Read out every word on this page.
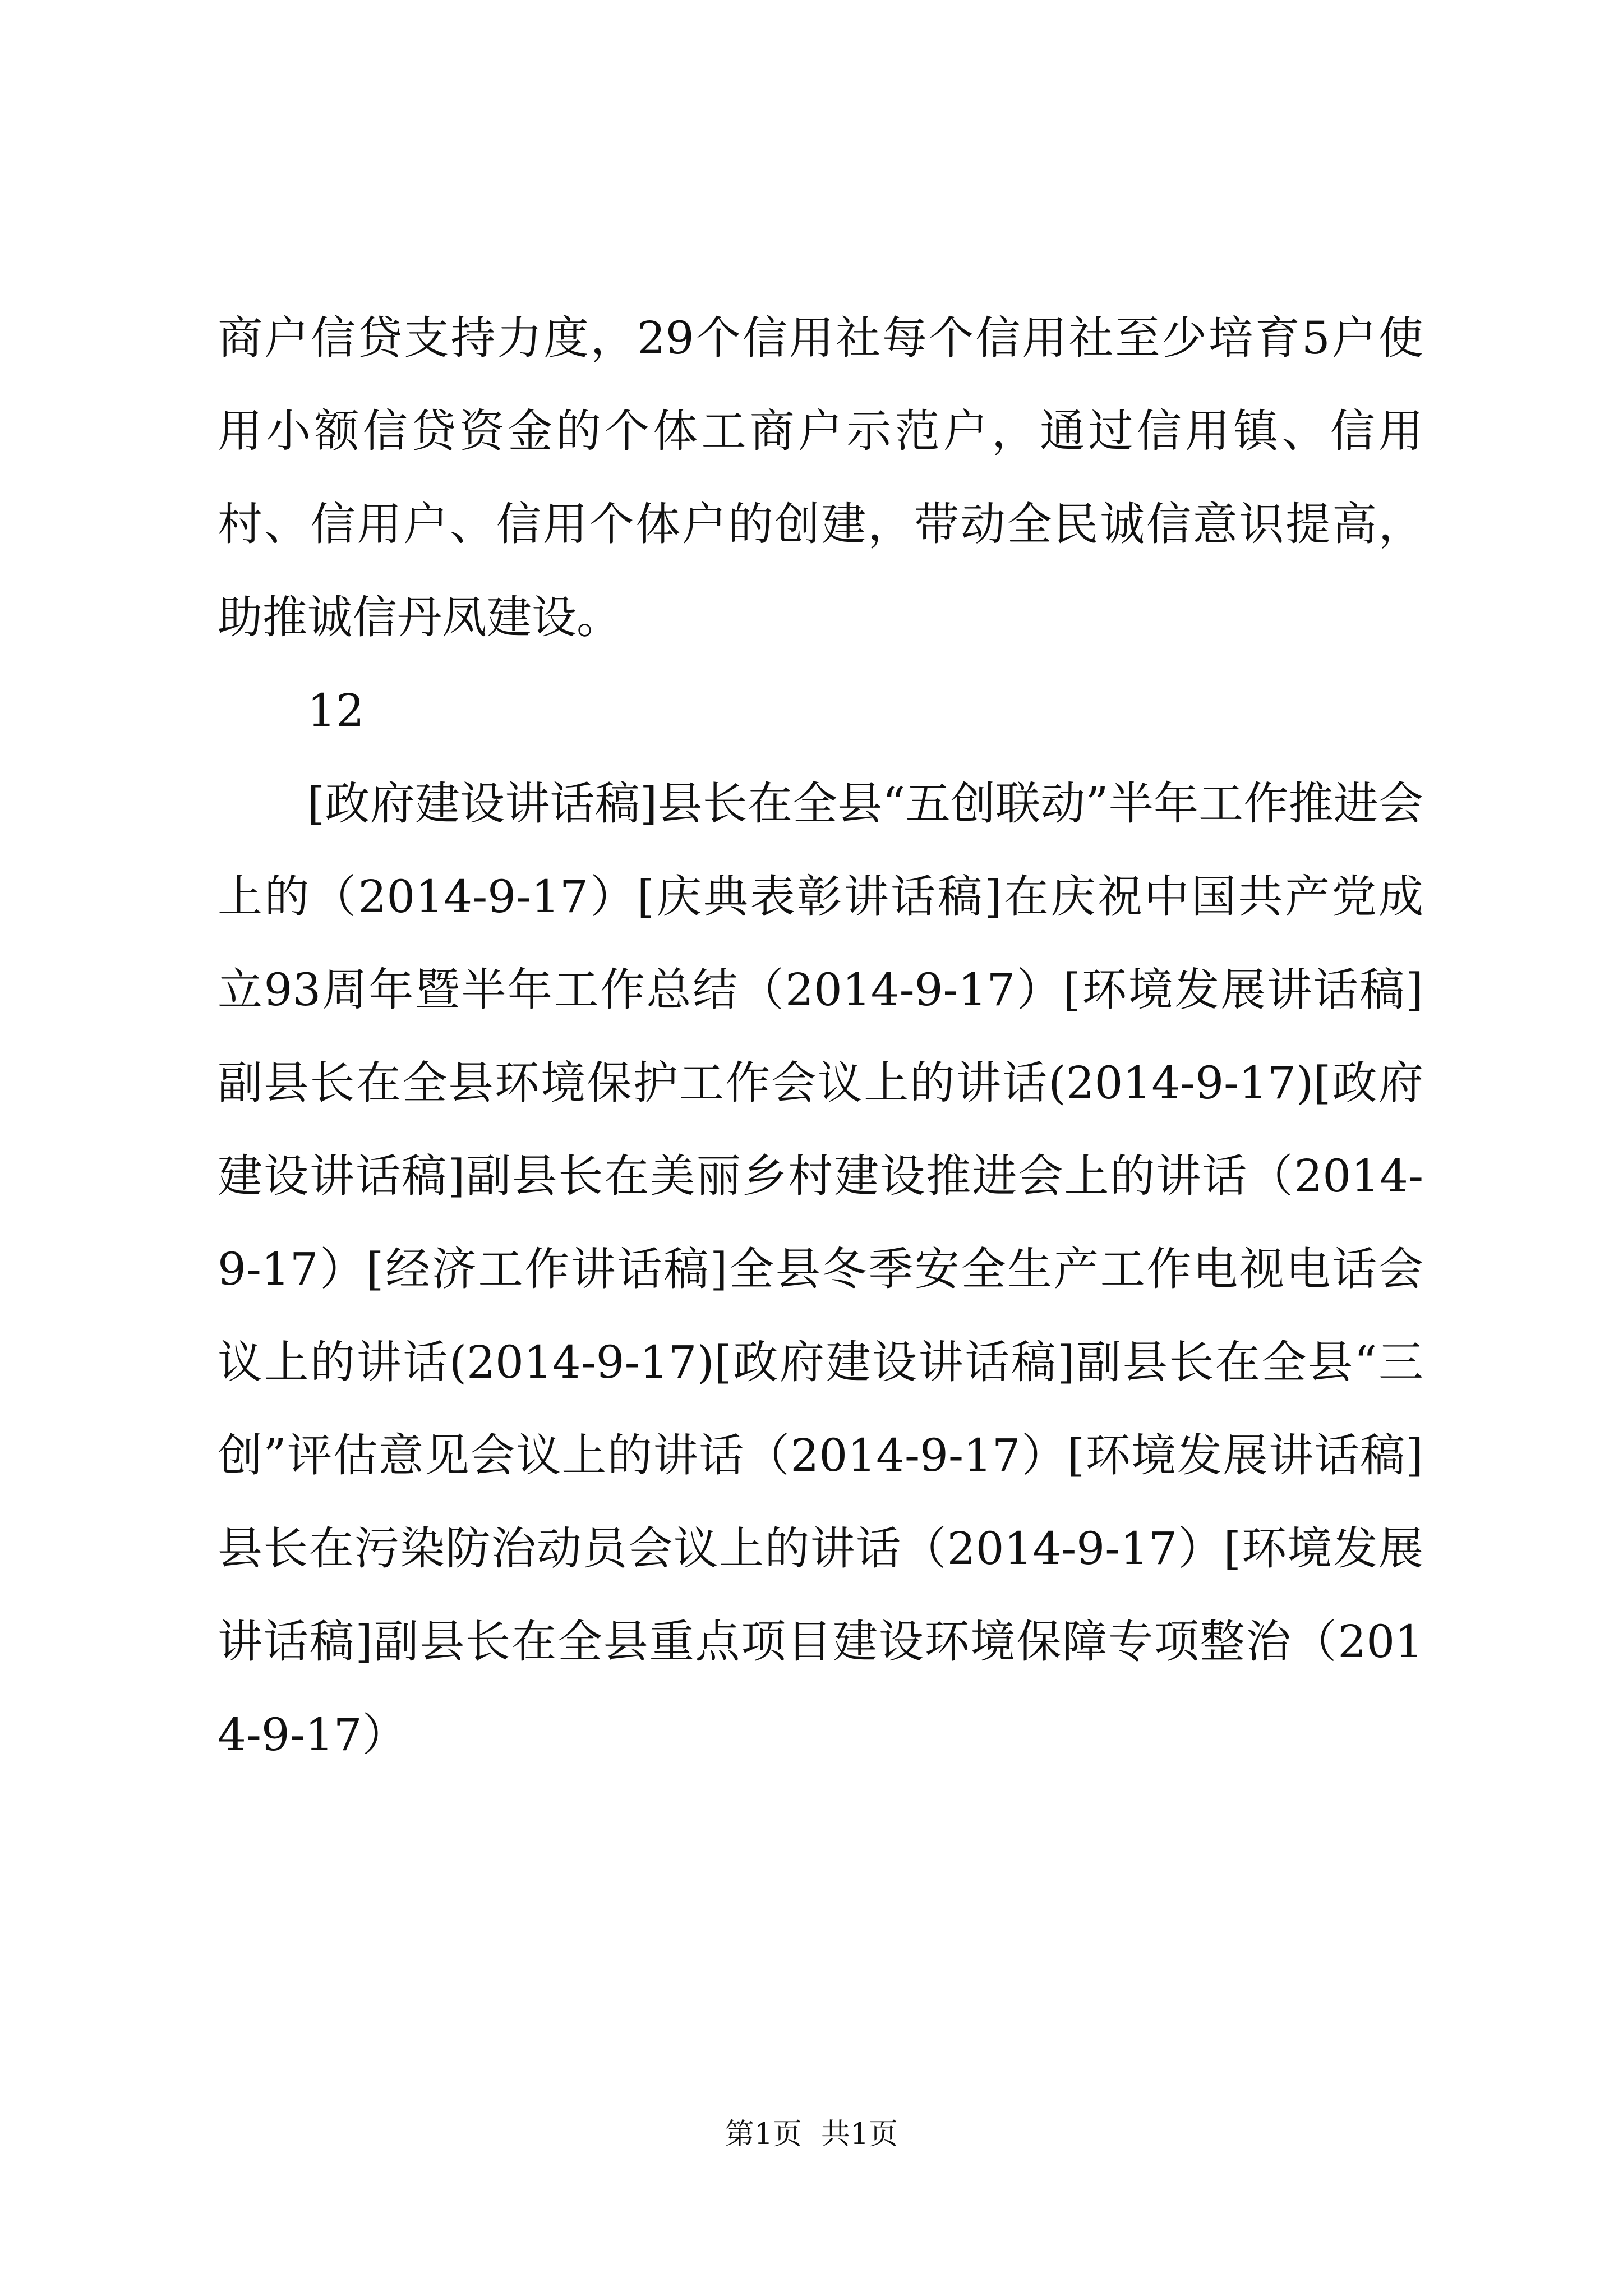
商户信贷支持力度，29个信用社每个信用社至少培育5户使用小额信贷资金的个体工商户示范户，通过信用镇、信用村、信用户、信用个体户的创建，带动全民诚信意识提高，助推诚信丹凤建设。

12

[政府建设讲话稿]县长在全县“五创联动”半年工作推进会上的（2014-9-17）[庆典表彰讲话稿]在庆祝中国共产党成立93周年暨半年工作总结（2014-9-17）[环境发展讲话稿]副县长在全县环境保护工作会议上的讲话(2014-9-17)[政府建设讲话稿]副县长在美丽乡村建设推进会上的讲话（2014-9-17）[经济工作讲话稿]全县冬季安全生产工作电视电话会议上的讲话(2014-9-17)[政府建设讲话稿]副县长在全县“三创”评估意见会议上的讲话（2014-9-17）[环境发展讲话稿]县长在污染防治动员会议上的讲话（2014-9-17）[环境发展讲话稿]副县长在全县重点项目建设环境保障专项整治（2014-9-17）

第1页 共1页
